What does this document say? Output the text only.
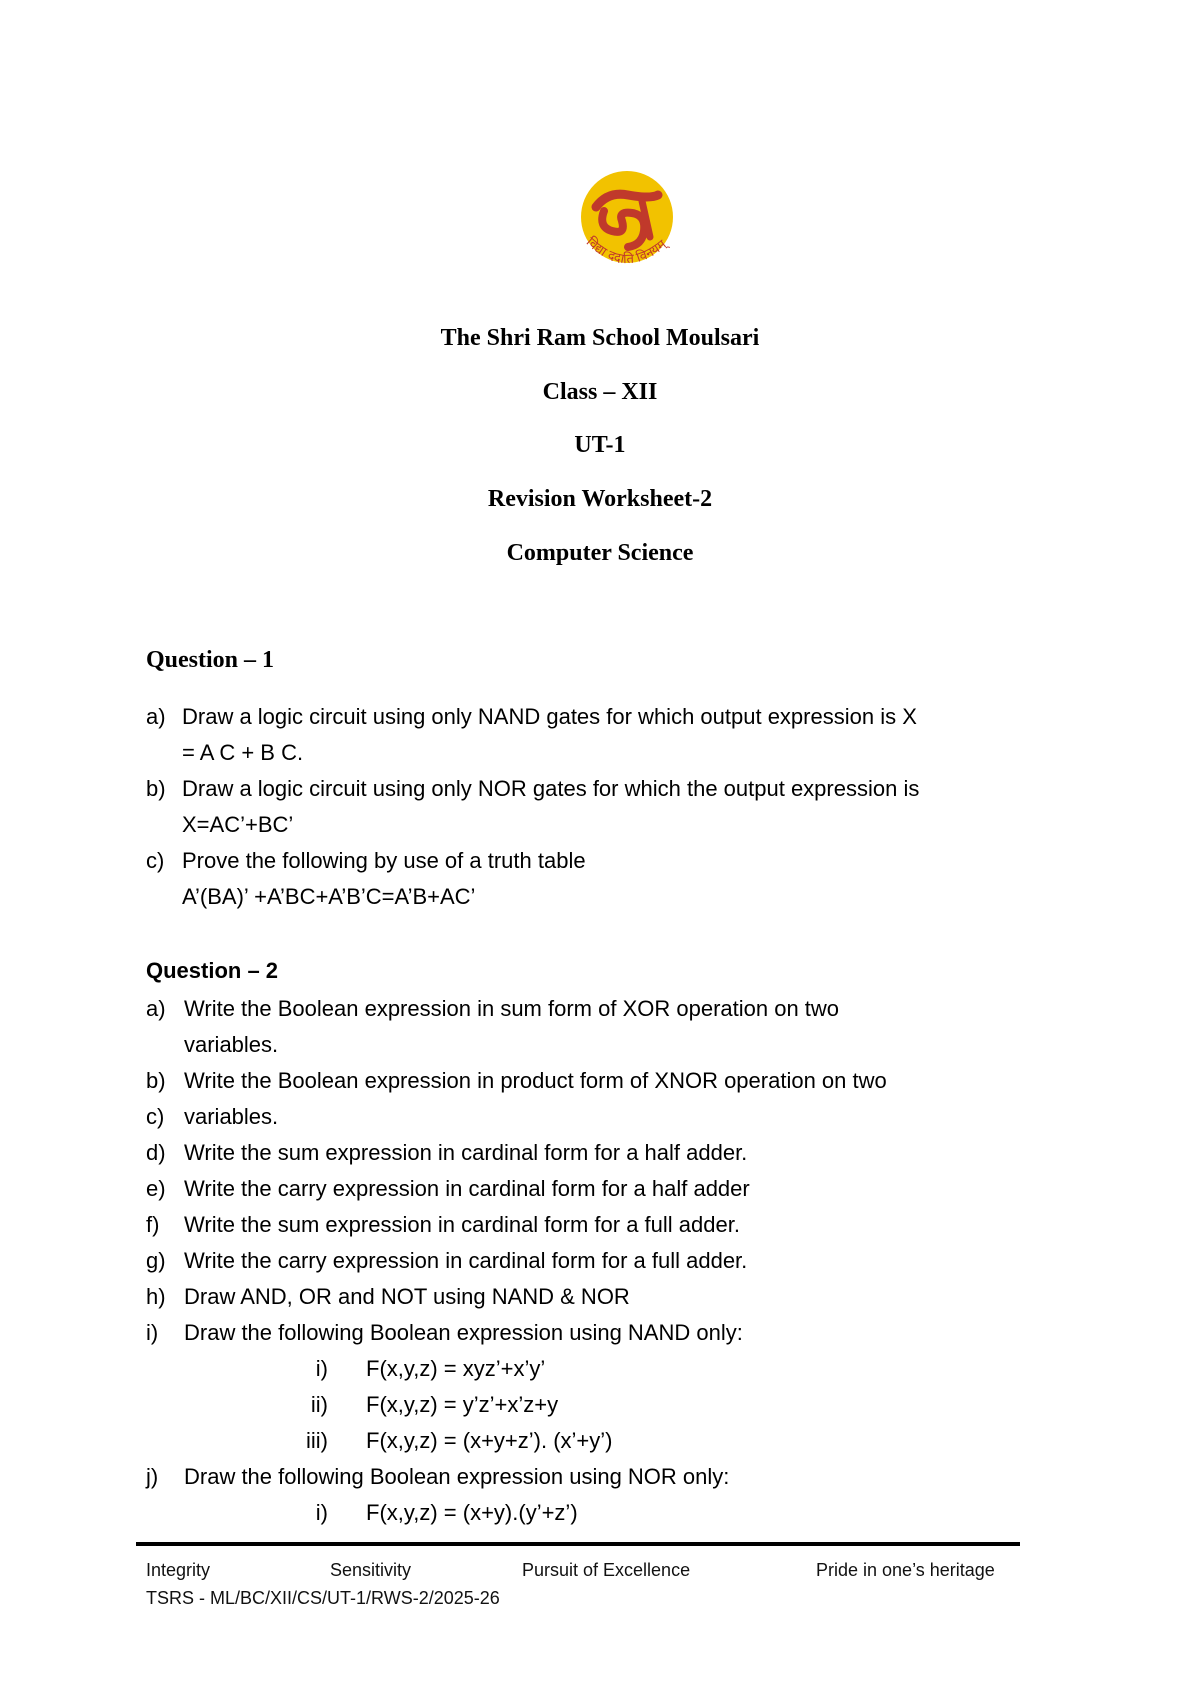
विद्या ददाति विनयम्
The Shri Ram School Moulsari
Class – XII
UT-1
Revision Worksheet-2
Computer Science
Question – 1
a) Draw a logic circuit using only NAND gates for which output expression is X
= A C + B C.
b) Draw a logic circuit using only NOR gates for which the output expression is
X=AC’+BC’
c) Prove the following by use of a truth table
A’(BA)’ +A’BC+A’B’C=A’B+AC’
Question – 2
a) Write the Boolean expression in sum form of XOR operation on two
variables.
b) Write the Boolean expression in product form of XNOR operation on two
c) variables.
d) Write the sum expression in cardinal form for a half adder.
e) Write the carry expression in cardinal form for a half adder
f) Write the sum expression in cardinal form for a full adder.
g) Write the carry expression in cardinal form for a full adder.
h) Draw AND, OR and NOT using NAND & NOR
i) Draw the following Boolean expression using NAND only:
i) F(x,y,z) = xyz’+x’y’
ii) F(x,y,z) = y’z’+x’z+y
iii) F(x,y,z) = (x+y+z’). (x’+y’)
j) Draw the following Boolean expression using NOR only:
i) F(x,y,z) = (x+y).(y’+z’)
Integrity	Sensitivity	Pursuit of Excellence	Pride in one’s heritage
TSRS - ML/BC/XII/CS/UT-1/RWS-2/2025-26
